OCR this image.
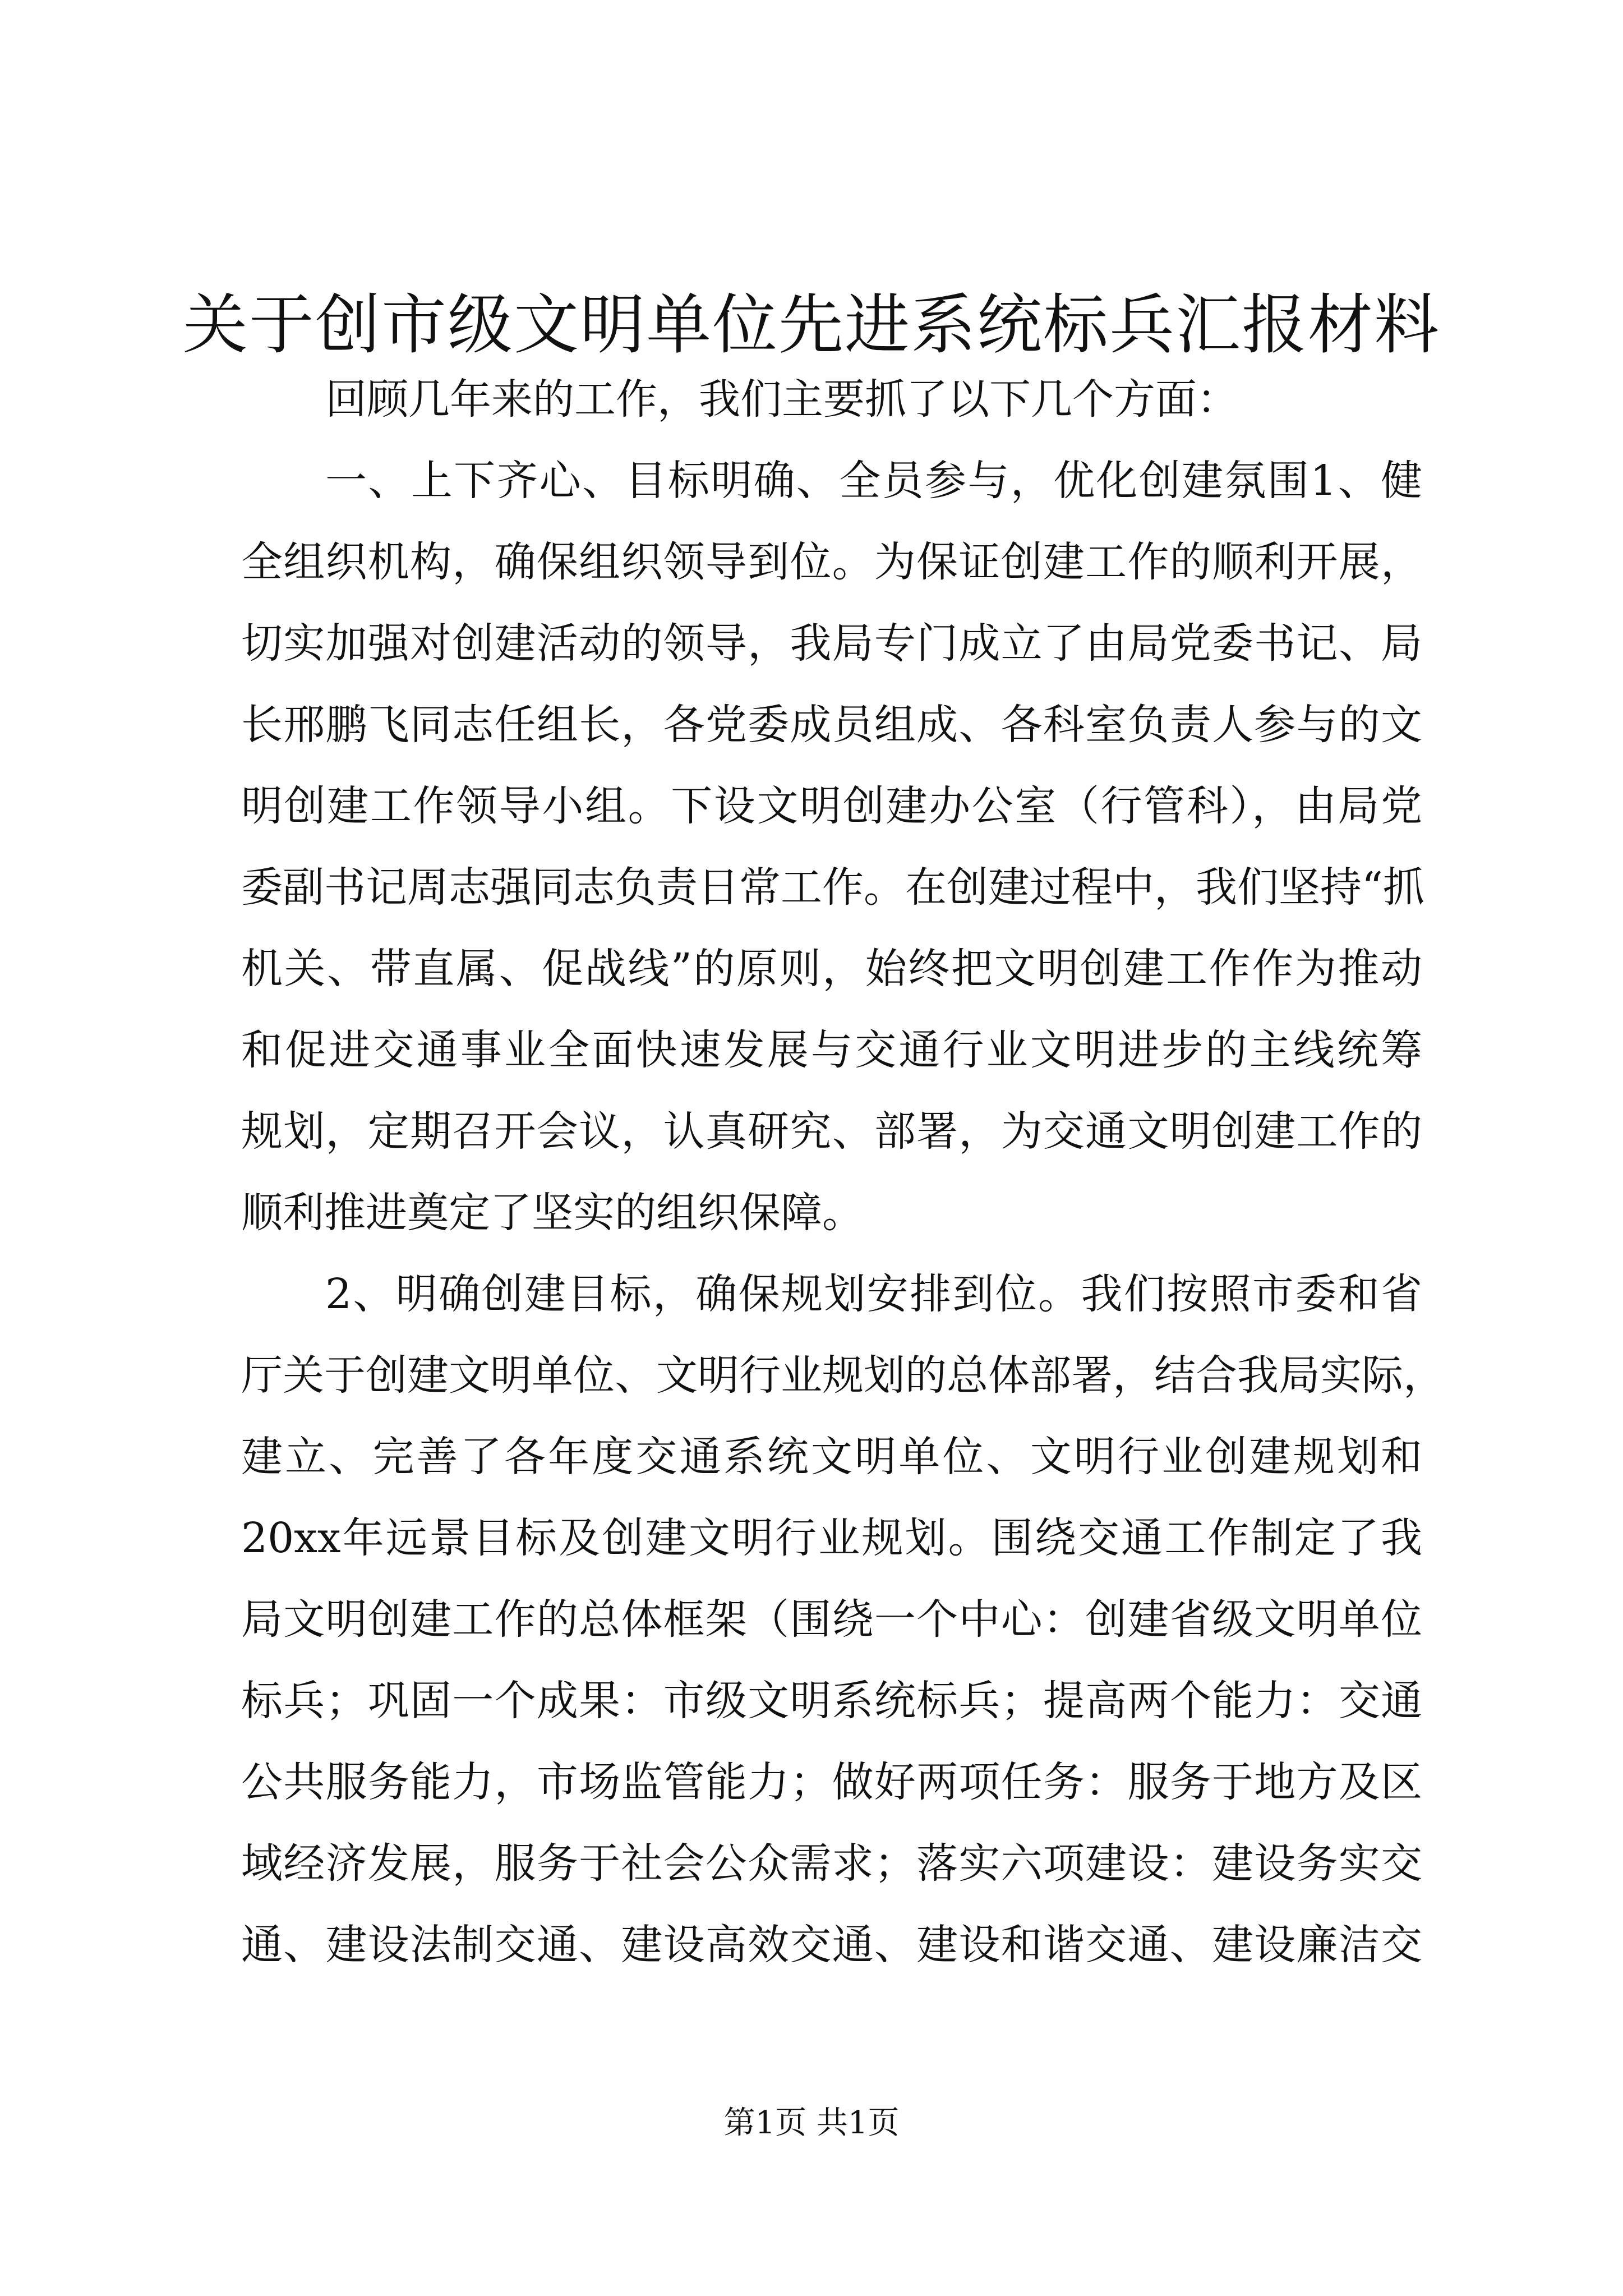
关于创市级文明单位先进系统标兵汇报材料
回顾几年来的工作，我们主要抓了以下几个方面：
一、上下齐心、目标明确、全员参与，优化创建氛围1、健
全组织机构，确保组织领导到位。为保证创建工作的顺利开展，
切实加强对创建活动的领导，我局专门成立了由局党委书记、局
长邢鹏飞同志任组长，各党委成员组成、各科室负责人参与的文
明创建工作领导小组。下设文明创建办公室（行管科），由局党
委副书记周志强同志负责日常工作。在创建过程中，我们坚持“抓
机关、带直属、促战线”的原则，始终把文明创建工作作为推动
和促进交通事业全面快速发展与交通行业文明进步的主线统筹
规划，定期召开会议，认真研究、部署，为交通文明创建工作的
顺利推进奠定了坚实的组织保障。
2、明确创建目标，确保规划安排到位。我们按照市委和省
厅关于创建文明单位、文明行业规划的总体部署，结合我局实际，
建立、完善了各年度交通系统文明单位、文明行业创建规划和
20xx年远景目标及创建文明行业规划。围绕交通工作制定了我
局文明创建工作的总体框架（围绕一个中心：创建省级文明单位
标兵；巩固一个成果：市级文明系统标兵；提高两个能力：交通
公共服务能力，市场监管能力；做好两项任务：服务于地方及区
域经济发展，服务于社会公众需求；落实六项建设：建设务实交
通、建设法制交通、建设高效交通、建设和谐交通、建设廉洁交
第1页 共1页
